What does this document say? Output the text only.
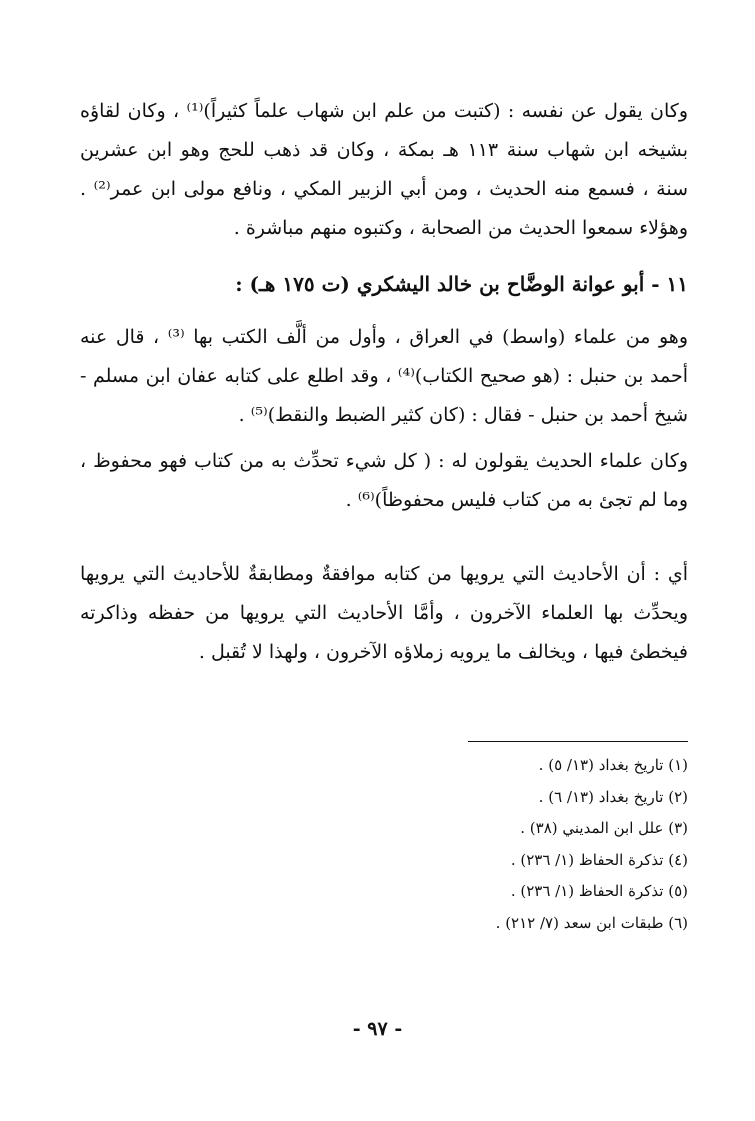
وكان يقول عن نفسه : (كتبت من علم ابن شهاب علماً كثيراً)⁽¹⁾ ، وكان لقاؤه بشيخه ابن شهاب سنة ١١٣ هـ بمكة ، وكان قد ذهب للحج وهو ابن عشرين سنة ، فسمع منه الحديث ، ومن أبي الزبير المكي ، ونافع مولى ابن عمر⁽²⁾ . وهؤلاء سمعوا الحديث من الصحابة ، وكتبوه منهم مباشرة .

١١ - أبو عوانة الوضَّاح بن خالد اليشكري (ت ١٧٥ هـ) :

وهو من علماء (واسط) في العراق ، وأول من ألَّف الكتب بها ⁽³⁾ ، قال عنه أحمد بن حنبل : (هو صحيح الكتاب)⁽⁴⁾ ، وقد اطلع على كتابه عفان ابن مسلم - شيخ أحمد بن حنبل - فقال : (كان كثير الضبط والنقط)⁽⁵⁾ .

وكان علماء الحديث يقولون له : ( كل شيء تحدِّث به من كتاب فهو محفوظ ، وما لم تجئ به من كتاب فليس محفوظاً)⁽⁶⁾ .

أي : أن الأحاديث التي يرويها من كتابه موافقةٌ ومطابقةٌ للأحاديث التي يرويها ويحدِّث بها العلماء الآخرون ، وأمَّا الأحاديث التي يرويها من حفظه وذاكرته فيخطئ فيها ، ويخالف ما يرويه زملاؤه الآخرون ، ولهذا لا تُقبل .

(١) تاريخ بغداد (١٣/ ٥) .
(٢) تاريخ بغداد (١٣/ ٦) .
(٣) علل ابن المديني (٣٨) .
(٤) تذكرة الحفاظ (١/ ٢٣٦) .
(٥) تذكرة الحفاظ (١/ ٢٣٦) .
(٦) طبقات ابن سعد (٧/ ٢١٢) .
- ٩٧ -
